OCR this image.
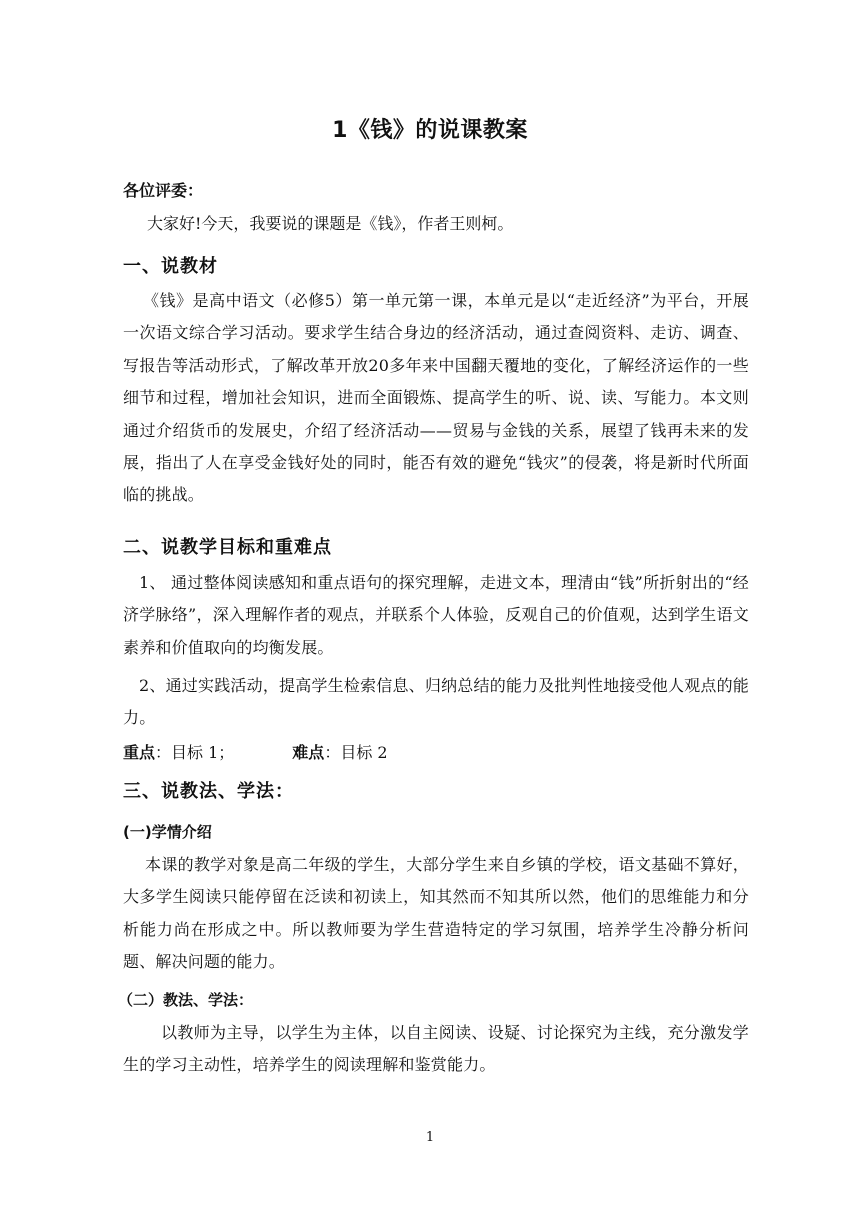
1《钱》的说课教案
各位评委：
大家好!今天，我要说的课题是《钱》，作者王则柯。
一、说教材
《钱》是高中语文（必修5）第一单元第一课，本单元是以“走近经济”为平台，开展一次语文综合学习活动。要求学生结合身边的经济活动，通过查阅资料、走访、调查、写报告等活动形式，了解改革开放20多年来中国翻天覆地的变化，了解经济运作的一些细节和过程，增加社会知识，进而全面锻炼、提高学生的听、说、读、写能力。本文则通过介绍货币的发展史，介绍了经济活动——贸易与金钱的关系，展望了钱再未来的发展，指出了人在享受金钱好处的同时，能否有效的避免“钱灾”的侵袭，将是新时代所面临的挑战。
二、说教学目标和重难点
1、 通过整体阅读感知和重点语句的探究理解，走进文本，理清由“钱”所折射出的“经济学脉络”，深入理解作者的观点，并联系个人体验，反观自己的价值观，达到学生语文素养和价值取向的均衡发展。
2、通过实践活动，提高学生检索信息、归纳总结的能力及批判性地接受他人观点的能力。
重点：目标 1；	难点：目标 2
三、说教法、学法：
(一)学情介绍
本课的教学对象是高二年级的学生，大部分学生来自乡镇的学校，语文基础不算好，大多学生阅读只能停留在泛读和初读上，知其然而不知其所以然，他们的思维能力和分析能力尚在形成之中。所以教师要为学生营造特定的学习氛围，培养学生冷静分析问题、解决问题的能力。
（二）教法、学法：
以教师为主导，以学生为主体，以自主阅读、设疑、讨论探究为主线，充分激发学生的学习主动性，培养学生的阅读理解和鉴赏能力。
1
